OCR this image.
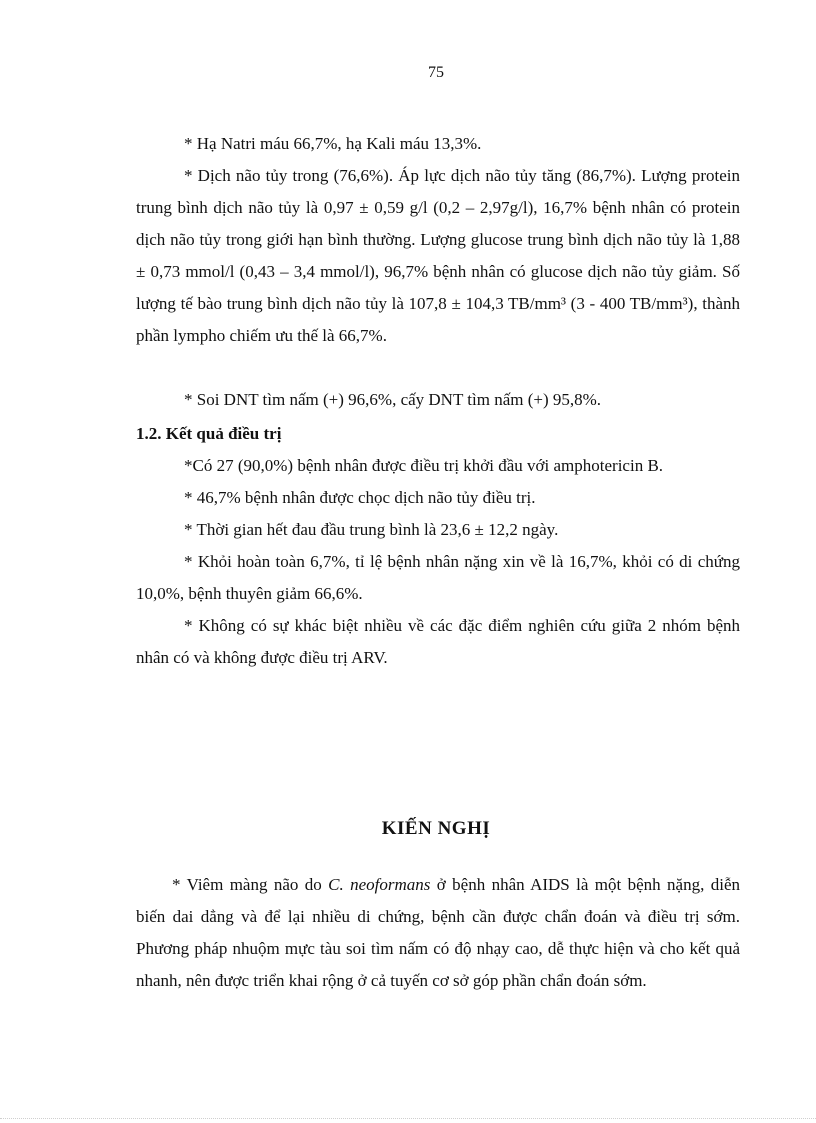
75

* Hạ Natri máu 66,7%, hạ Kali máu 13,3%.

* Dịch não tủy trong (76,6%). Áp lực dịch não tủy tăng (86,7%). Lượng protein trung bình dịch não tủy là 0,97 ± 0,59 g/l (0,2 – 2,97g/l), 16,7% bệnh nhân có protein dịch não tủy trong giới hạn bình thường. Lượng glucose trung bình dịch não tủy là 1,88 ± 0,73 mmol/l (0,43 – 3,4 mmol/l), 96,7% bệnh nhân có glucose dịch não tủy giảm. Số lượng tế bào trung bình dịch não tủy là 107,8 ± 104,3 TB/mm³ (3 - 400 TB/mm³), thành phần lympho chiếm ưu thế là 66,7%.

* Soi DNT tìm nấm (+) 96,6%, cấy DNT tìm nấm (+) 95,8%.

1.2. Kết quả điều trị

*Có 27 (90,0%) bệnh nhân được điều trị khởi đầu với amphotericin B.

* 46,7% bệnh nhân được chọc dịch não tủy điều trị.

* Thời gian hết đau đầu trung bình là 23,6 ± 12,2 ngày.

* Khỏi hoàn toàn 6,7%, tỉ lệ bệnh nhân nặng xin về là 16,7%, khỏi có di chứng 10,0%, bệnh thuyên giảm 66,6%.

* Không có sự khác biệt nhiều về các đặc điểm nghiên cứu giữa 2 nhóm bệnh nhân có và không được điều trị ARV.

KIẾN NGHỊ

* Viêm màng não do C. neoformans ở bệnh nhân AIDS là một bệnh nặng, diễn biến dai dẳng và để lại nhiều di chứng, bệnh cần được chẩn đoán và điều trị sớm. Phương pháp nhuộm mực tàu soi tìm nấm có độ nhạy cao, dễ thực hiện và cho kết quả nhanh, nên được triển khai rộng ở cả tuyến cơ sở góp phần chẩn đoán sớm.
